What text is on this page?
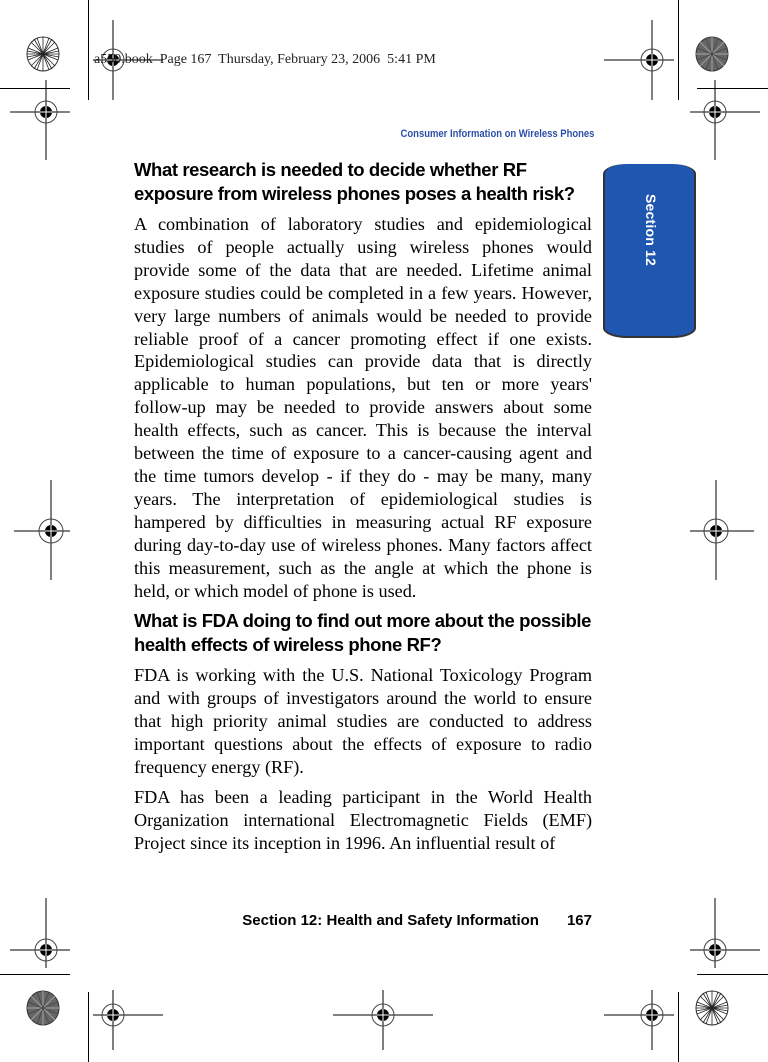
a550.book  Page 167  Thursday, February 23, 2006  5:41 PM
Consumer Information on Wireless Phones
Section 12
What research is needed to decide whether RF exposure from wireless phones poses a health risk?

A combination of laboratory studies and epidemiological studies of people actually using wireless phones would provide some of the data that are needed. Lifetime animal exposure studies could be completed in a few years. However, very large numbers of animals would be needed to provide reliable proof of a cancer promoting effect if one exists. Epidemiological studies can provide data that is directly applicable to human populations, but ten or more years' follow-up may be needed to provide answers about some health effects, such as cancer. This is because the interval between the time of exposure to a cancer-causing agent and the time tumors develop - if they do - may be many, many years. The interpretation of epidemiological studies is hampered by difficulties in measuring actual RF exposure during day-to-day use of wireless phones. Many factors affect this measurement, such as the angle at which the phone is held, or which model of phone is used.

What is FDA doing to find out more about the possible health effects of wireless phone RF?

FDA is working with the U.S. National Toxicology Program and with groups of investigators around the world to ensure that high priority animal studies are conducted to address important questions about the effects of exposure to radio frequency energy (RF).

FDA has been a leading participant in the World Health Organization international Electromagnetic Fields (EMF) Project since its inception in 1996. An influential result of

Section 12: Health and Safety Information 167
